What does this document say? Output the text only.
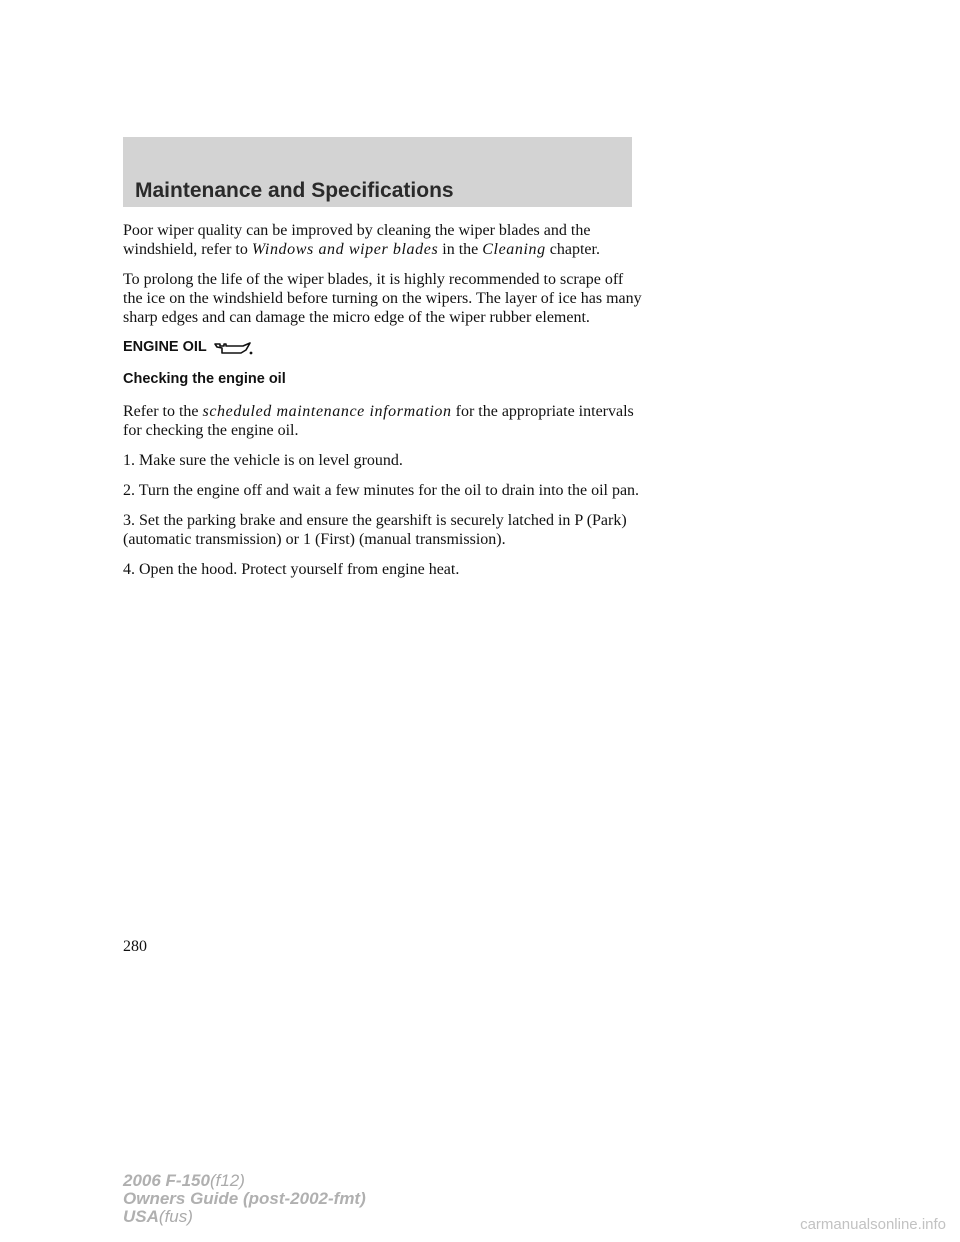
Maintenance and Specifications

Poor wiper quality can be improved by cleaning the wiper blades and the windshield, refer to Windows and wiper blades in the Cleaning chapter.

To prolong the life of the wiper blades, it is highly recommended to scrape off the ice on the windshield before turning on the wipers. The layer of ice has many sharp edges and can damage the micro edge of the wiper rubber element.

ENGINE OIL
Checking the engine oil

Refer to the scheduled maintenance information for the appropriate intervals for checking the engine oil.

1. Make sure the vehicle is on level ground.

2. Turn the engine off and wait a few minutes for the oil to drain into the oil pan.

3. Set the parking brake and ensure the gearshift is securely latched in P (Park) (automatic transmission) or 1 (First) (manual transmission).

4. Open the hood. Protect yourself from engine heat.

280
2006 F-150(f12)
Owners Guide (post-2002-fmt)
USA(fus)	carmanualsonline.info
